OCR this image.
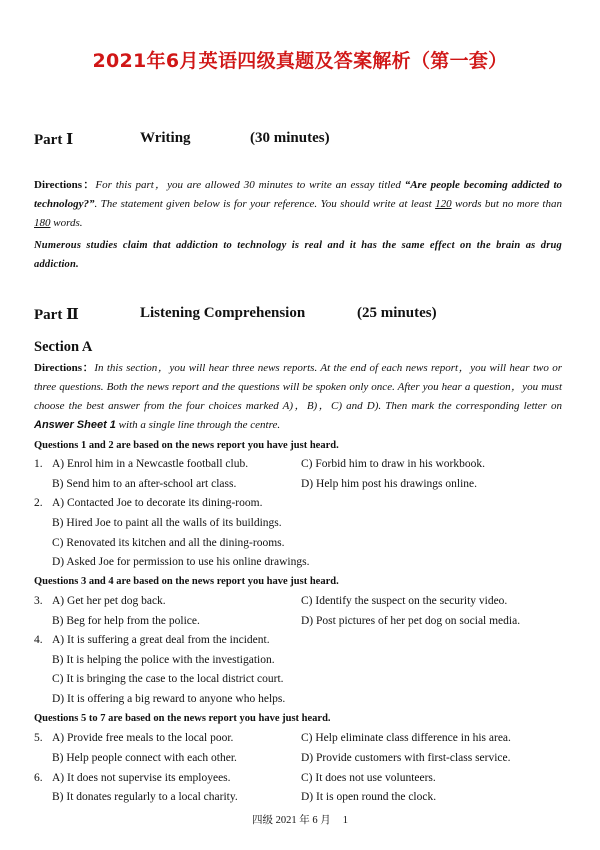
2021年6月英语四级真题及答案解析（第一套）
Part Ⅰ	Writing	(30 minutes)
Directions：For this part，you are allowed 30 minutes to write an essay titled “Are people becoming addicted to technology?”. The statement given below is for your reference. You should write at least 120 words but no more than 180 words.
Numerous studies claim that addiction to technology is real and it has the same effect on the brain as drug addiction.
Part Ⅱ	Listening Comprehension	(25 minutes)
Section A
Directions：In this section，you will hear three news reports. At the end of each news report，you will hear two or three questions. Both the news report and the questions will be spoken only once. After you hear a question，you must choose the best answer from the four choices marked A)，B)，C) and D). Then mark the corresponding letter on Answer Sheet 1 with a single line through the centre.
Questions 1 and 2 are based on the news report you have just heard.
1. A) Enrol him in a Newcastle football club.	C) Forbid him to draw in his workbook.
B) Send him to an after-school art class.	D) Help him post his drawings online.
2. A) Contacted Joe to decorate its dining-room.
B) Hired Joe to paint all the walls of its buildings.
C) Renovated its kitchen and all the dining-rooms.
D) Asked Joe for permission to use his online drawings.
Questions 3 and 4 are based on the news report you have just heard.
3. A) Get her pet dog back.	C) Identify the suspect on the security video.
B) Beg for help from the police.	D) Post pictures of her pet dog on social media.
4. A) It is suffering a great deal from the incident.
B) It is helping the police with the investigation.
C) It is bringing the case to the local district court.
D) It is offering a big reward to anyone who helps.
Questions 5 to 7 are based on the news report you have just heard.
5. A) Provide free meals to the local poor.	C) Help eliminate class difference in his area.
B) Help people connect with each other.	D) Provide customers with first-class service.
6. A) It does not supervise its employees.	C) It does not use volunteers.
B) It donates regularly to a local charity.	D) It is open round the clock.
四级 2021 年 6 月 1
